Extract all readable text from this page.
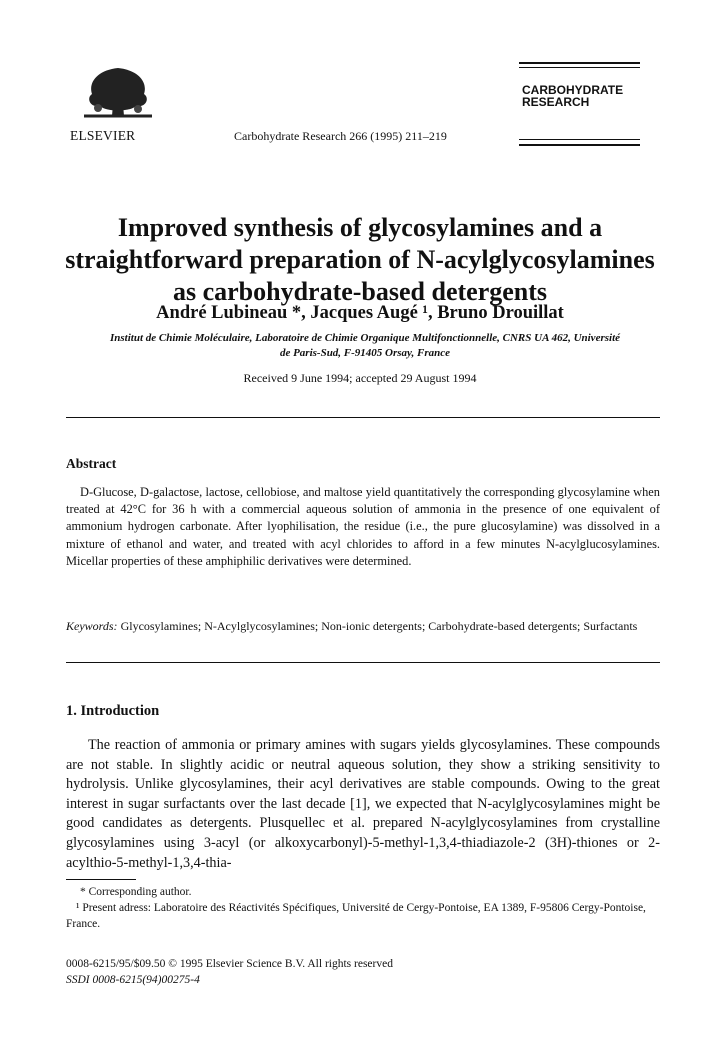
ELSEVIER	Carbohydrate Research 266 (1995) 211–219
CARBOHYDRATE
RESEARCH
Improved synthesis of glycosylamines and a
straightforward preparation of N-acylglycosylamines
as carbohydrate-based detergents
André Lubineau *, Jacques Augé ¹, Bruno Drouillat
Institut de Chimie Moléculaire, Laboratoire de Chimie Organique Multifonctionnelle, CNRS UA 462, Université
de Paris-Sud, F-91405 Orsay, France
Received 9 June 1994; accepted 29 August 1994
Abstract
D-Glucose, D-galactose, lactose, cellobiose, and maltose yield quantitatively the corresponding glycosylamine when treated at 42°C for 36 h with a commercial aqueous solution of ammonia in the presence of one equivalent of ammonium hydrogen carbonate. After lyophilisation, the residue (i.e., the pure glucosylamine) was dissolved in a mixture of ethanol and water, and treated with acyl chlorides to afford in a few minutes N-acylglucosylamines. Micellar properties of these amphiphilic derivatives were determined.
Keywords: Glycosylamines; N-Acylglycosylamines; Non-ionic detergents; Carbohydrate-based detergents; Surfactants
1. Introduction
The reaction of ammonia or primary amines with sugars yields glycosylamines. These compounds are not stable. In slightly acidic or neutral aqueous solution, they show a striking sensitivity to hydrolysis. Unlike glycosylamines, their acyl derivatives are stable compounds. Owing to the great interest in sugar surfactants over the last decade [1], we expected that N-acylglycosylamines might be good candidates as detergents. Plusquellec et al. prepared N-acylglycosylamines from crystalline glycosylamines using 3-acyl (or alkoxycarbonyl)-5-methyl-1,3,4-thiadiazole-2 (3H)-thiones or 2-acylthio-5-methyl-1,3,4-thia-
* Corresponding author.
¹ Present adress: Laboratoire des Réactivités Spécifiques, Université de Cergy-Pontoise, EA 1389, F-95806 Cergy-Pontoise, France.
0008-6215/95/$09.50 © 1995 Elsevier Science B.V. All rights reserved
SSDI 0008-6215(94)00275-4
